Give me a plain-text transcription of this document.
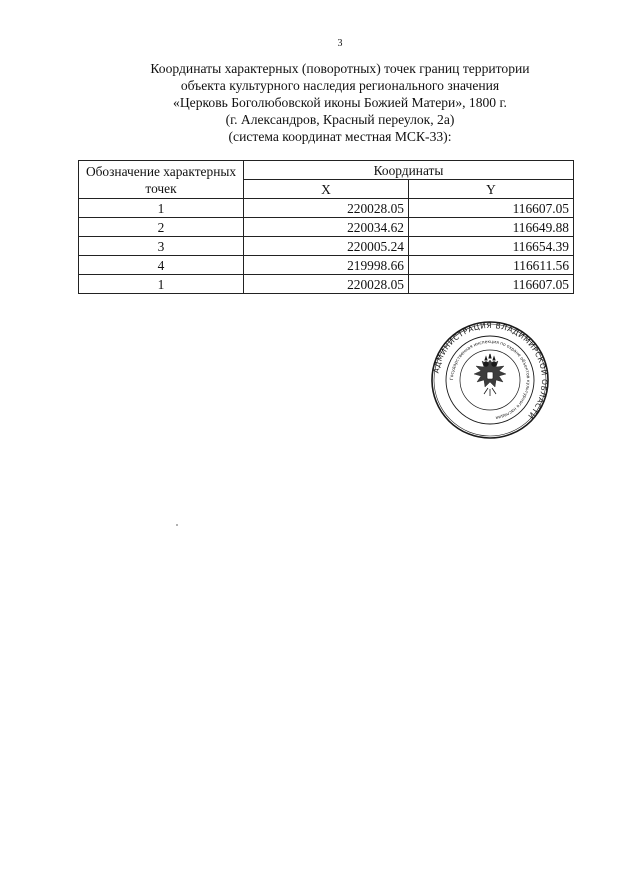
3
Координаты характерных (поворотных) точек границ территории
объекта культурного наследия регионального значения
«Церковь Боголюбовской иконы Божией Матери», 1800 г.
(г. Александров, Красный переулок, 2а)
(система координат местная МСК-33):
Обозначение характерных точек	Координаты	
	X	Y
1	220028.05	116607.05
2	220034.62	116649.88
3	220005.24	116654.39
4	219998.66	116611.56
1	220028.05	116607.05
АДМИНИСТРАЦИЯ ВЛАДИМИРСКОЙ ОБЛАСТИ
Государственная инспекция по охране объектов культурного наследия
